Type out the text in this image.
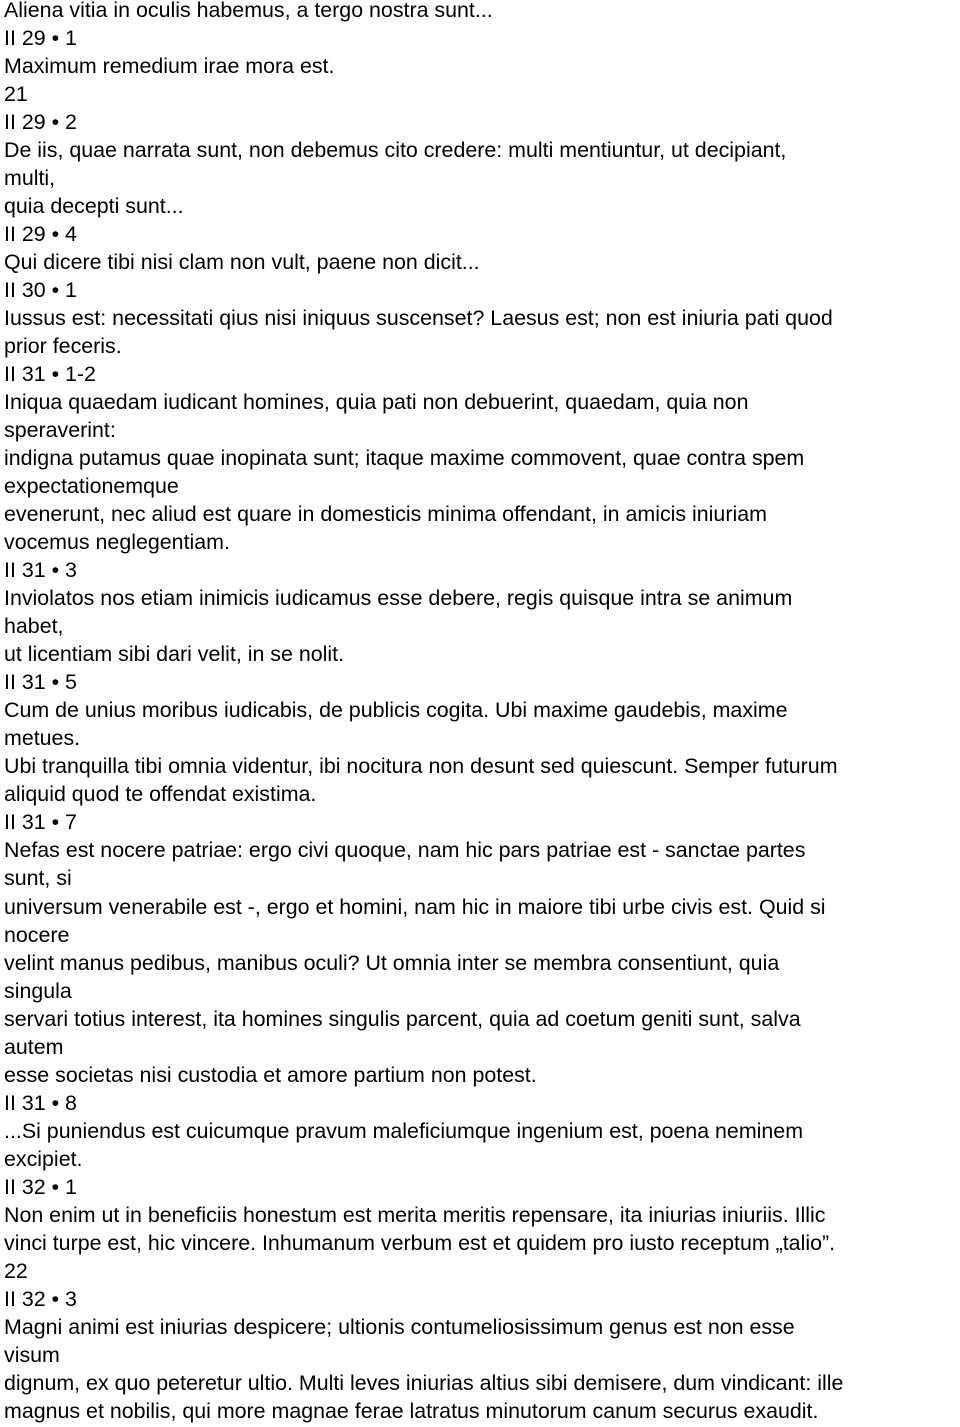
Aliena vitia in oculis habemus, a tergo nostra sunt...
II 29 • 1
Maximum remedium irae mora est.
21
II 29 • 2
De iis, quae narrata sunt, non debemus cito credere: multi mentiuntur, ut decipiant,
multi,
quia decepti sunt...
II 29 • 4
Qui dicere tibi nisi clam non vult, paene non dicit...
II 30 • 1
Iussus est: necessitati qius nisi iniquus suscenset? Laesus est; non est iniuria pati quod
prior feceris.
II 31 • 1-2
Iniqua quaedam iudicant homines, quia pati non debuerint, quaedam, quia non
speraverint:
indigna putamus quae inopinata sunt; itaque maxime commovent, quae contra spem
expectationemque
evenerunt, nec aliud est quare in domesticis minima offendant, in amicis iniuriam
vocemus neglegentiam.
II 31 • 3
Inviolatos nos etiam inimicis iudicamus esse debere, regis quisque intra se animum
habet,
ut licentiam sibi dari velit, in se nolit.
II 31 • 5
Cum de unius moribus iudicabis, de publicis cogita. Ubi maxime gaudebis, maxime
metues.
Ubi tranquilla tibi omnia videntur, ibi nocitura non desunt sed quiescunt. Semper futurum
aliquid quod te offendat existima.
II 31 • 7
Nefas est nocere patriae: ergo civi quoque, nam hic pars patriae est - sanctae partes
sunt, si
universum venerabile est -, ergo et homini, nam hic in maiore tibi urbe civis est. Quid si
nocere
velint manus pedibus, manibus oculi? Ut omnia inter se membra consentiunt, quia
singula
servari totius interest, ita homines singulis parcent, quia ad coetum geniti sunt, salva
autem
esse societas nisi custodia et amore partium non potest.
II 31 • 8
...Si puniendus est cuicumque pravum maleficiumque ingenium est, poena neminem
excipiet.
II 32 • 1
Non enim ut in beneficiis honestum est merita meritis repensare, ita iniurias iniuriis. Illic
vinci turpe est, hic vincere. Inhumanum verbum est et quidem pro iusto receptum „talio”.
22
II 32 • 3
Magni animi est iniurias despicere; ultionis contumeliosissimum genus est non esse
visum
dignum, ex quo peteretur ultio. Multi leves iniurias altius sibi demisere, dum vindicant: ille
magnus et nobilis, qui more magnae ferae latratus minutorum canum securus exaudit.
